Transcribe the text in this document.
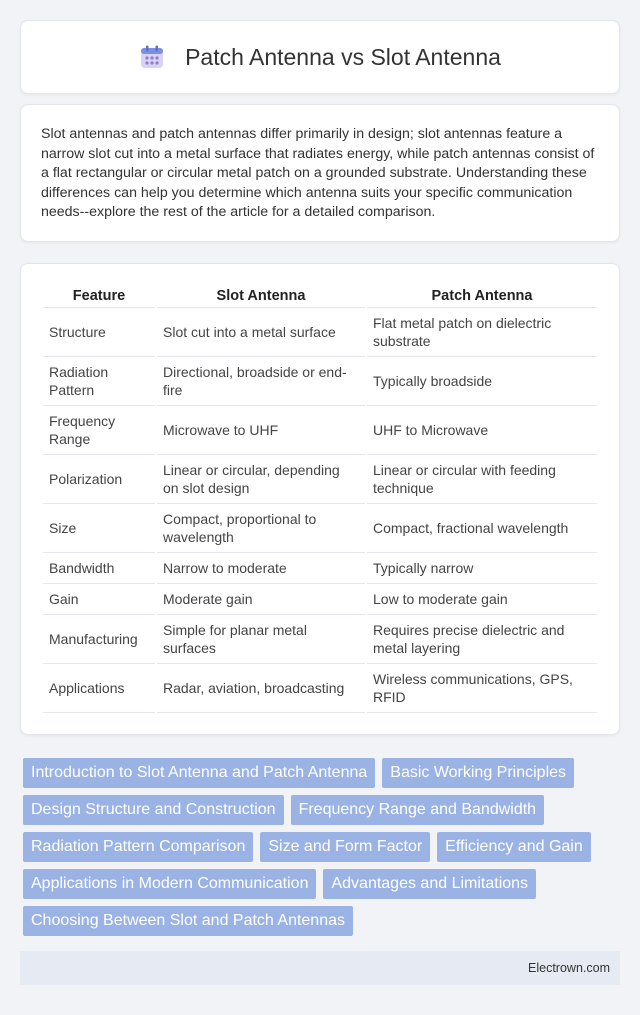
Patch Antenna vs Slot Antenna

Slot antennas and patch antennas differ primarily in design; slot antennas feature a narrow slot cut into a metal surface that radiates energy, while patch antennas consist of a flat rectangular or circular metal patch on a grounded substrate. Understanding these differences can help you determine which antenna suits your specific communication needs--explore the rest of the article for a detailed comparison.

Feature	Slot Antenna	Patch Antenna
Structure	Slot cut into a metal surface	Flat metal patch on dielectric substrate
Radiation Pattern	Directional, broadside or end-fire	Typically broadside
Frequency Range	Microwave to UHF	UHF to Microwave
Polarization	Linear or circular, depending on slot design	Linear or circular with feeding technique
Size	Compact, proportional to wavelength	Compact, fractional wavelength
Bandwidth	Narrow to moderate	Typically narrow
Gain	Moderate gain	Low to moderate gain
Manufacturing	Simple for planar metal surfaces	Requires precise dielectric and metal layering
Applications	Radar, aviation, broadcasting	Wireless communications, GPS, RFID
Introduction to Slot Antenna and Patch Antenna	Basic Working Principles
Design Structure and Construction	Frequency Range and Bandwidth
Radiation Pattern Comparison	Size and Form Factor	Efficiency and Gain
Applications in Modern Communication	Advantages and Limitations
Choosing Between Slot and Patch Antennas
Electrown.com
